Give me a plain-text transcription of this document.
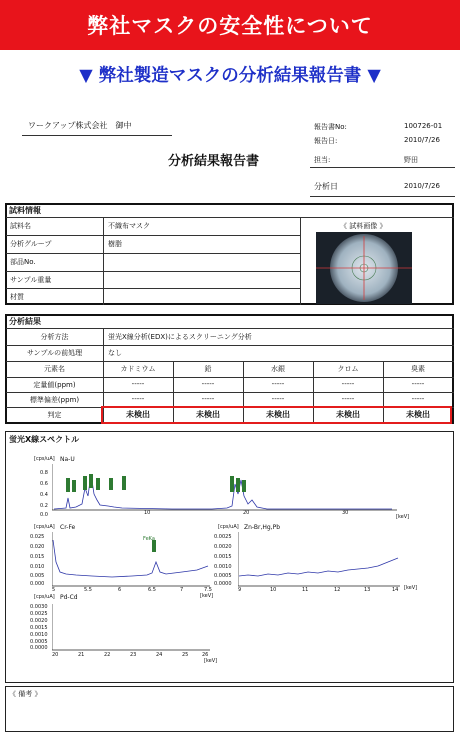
弊社マスクの安全性について
▼ 弊社製造マスクの分析結果報告書 ▼
ワークアップ株式会社　御中
分析結果報告書
報告書No:	100726-01
報告日:	2010/7/26
担当:	野田
分析日	2010/7/26
試料情報
試料名	不織布マスク
分析グループ	樹脂
部品No.
サンプル重量
材質
《 試料画像 》
分析結果
分析方法	蛍光X線分析(EDX)によるスクリーニング分析
サンプルの前処理	なし
元素名	カドミウム	鉛	水銀	クロム	臭素
定量値(ppm)	-----	-----	-----	-----	-----
標準偏差(ppm)	-----	-----	-----	-----	-----
判定	未検出	未検出	未検出	未検出	未検出
蛍光X線スペクトル
[cps/uA] Na-U
0.8
0.6
0.4
0.2
0.0	10	20	30
[keV]
[cps/uA] Cr-Fe
0.025
0.020
0.015
0.010
0.005
0.000
5	5.5	6	6.5	7	7.5
[keV]
FeKa
[cps/uA] Zn-Br,Hg,Pb
0.0025
0.0020
0.0015
0.0010
0.0005
0.0000
9	10	11	12	13	14 [keV]
[cps/uA] Pd-Cd
0.0030
0.0025
0.0020
0.0015
0.0010
0.0005
0.0000
20	21	22	23	24	25	26
[keV]
《 備考 》
